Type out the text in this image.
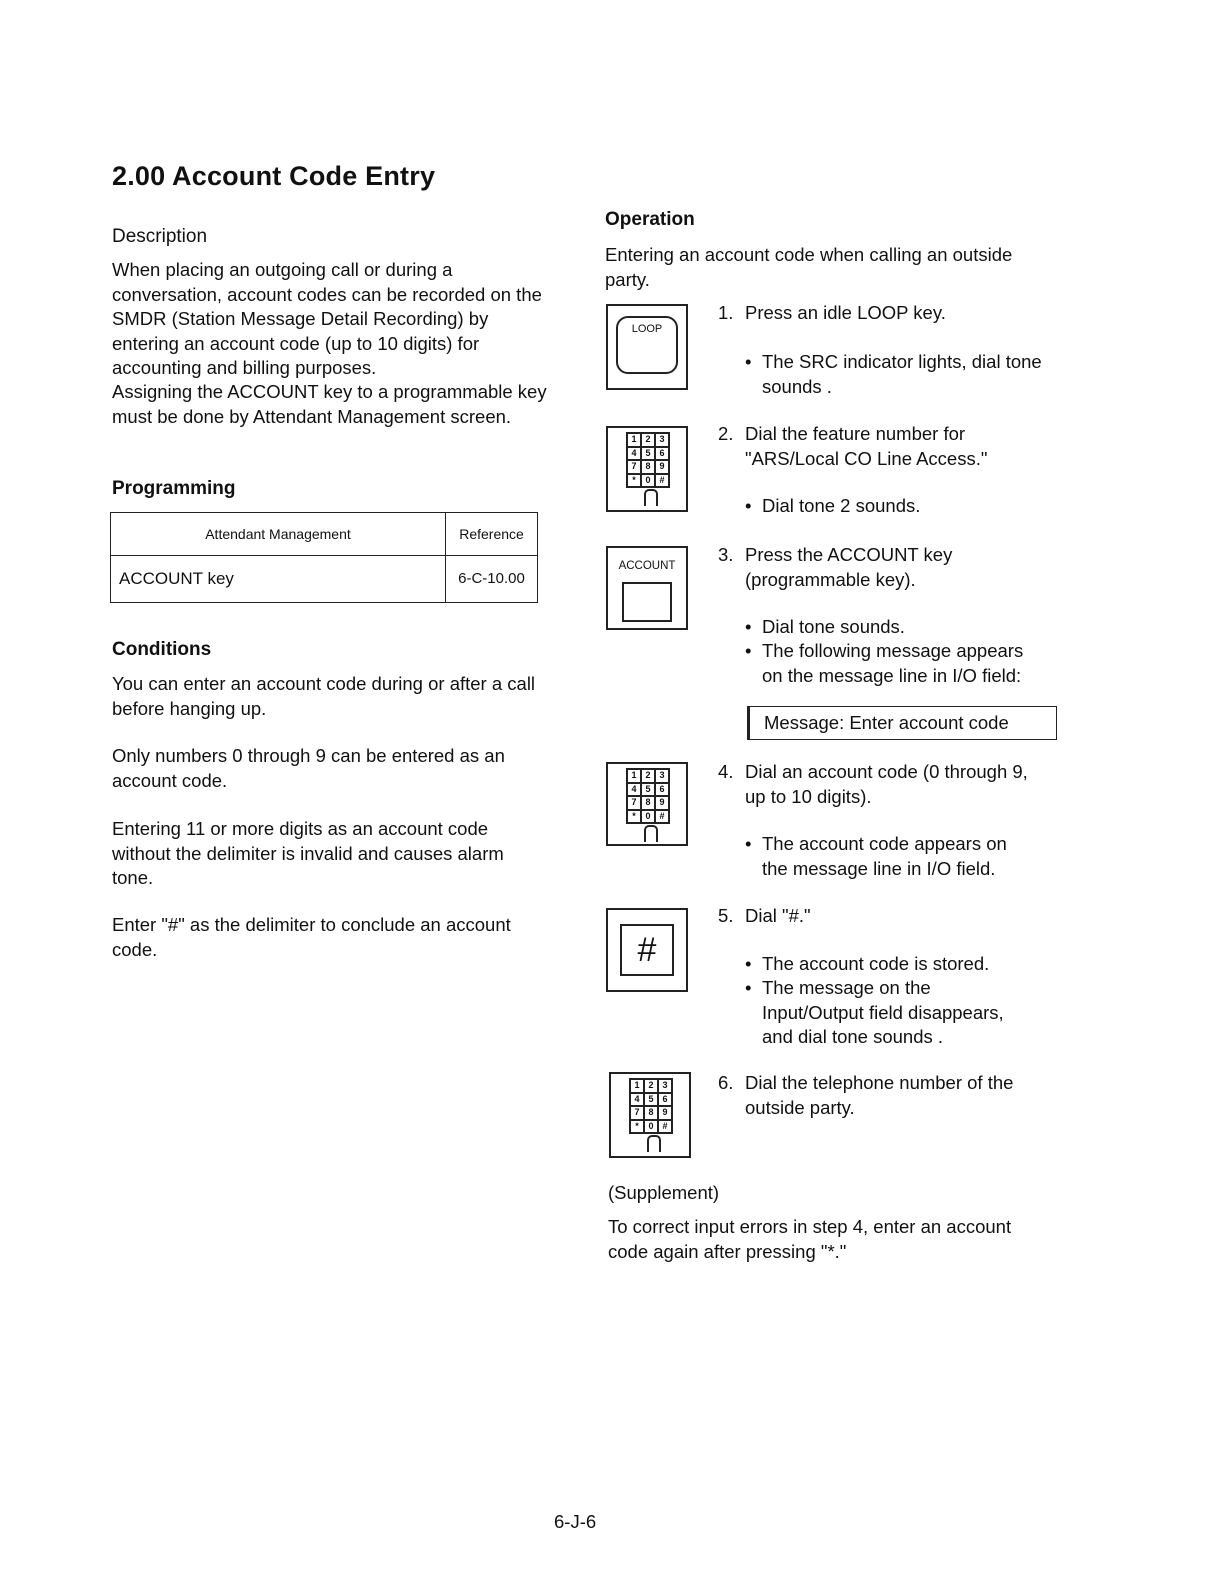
2.00 Account Code Entry
Description

When placing an outgoing call or during a conversation, account codes can be recorded on the SMDR (Station Message Detail Recording) by entering an account code (up to 10 digits) for accounting and billing purposes.

Assigning the ACCOUNT key to a programmable key must be done by Attendant Management screen.

Programming
Attendant Management	Reference
ACCOUNT key	6-C-10.00
Conditions

You can enter an account code during or after a call before hanging up.

Only numbers 0 through 9 can be entered as an account code.

Entering 11 or more digits as an account code without the delimiter is invalid and causes alarm tone.

Enter "#" as the delimiter to conclude an account code.

Operation

Entering an account code when calling an outside party.

LOOP
1 2 3
4 5 6
7 8 9
*	0 #
ACCOUNT
1 2 3
4 5 6
7 8 9
*	0 #
#
1 2 3
4 5 6
7 8 9
*	0 #
1. Press an idle LOOP key.
• The SRC indicator lights, dial tone sounds .
2. Dial the feature number for "ARS/Local CO Line Access."
• Dial tone 2 sounds.
3. Press the ACCOUNT key (programmable key).
• Dial tone sounds.
• The following message appears on the message line in I/O field:
Message: Enter account code
4. Dial an account code (0 through 9, up to 10 digits).
• The account code appears on the message line in I/O field.
5. Dial "#."
• The account code is stored.
• The message on the Input/Output field disappears, and dial tone sounds .
6. Dial the telephone number of the outside party.

(Supplement)

To correct input errors in step 4, enter an account code again after pressing "*."

6-J-6
